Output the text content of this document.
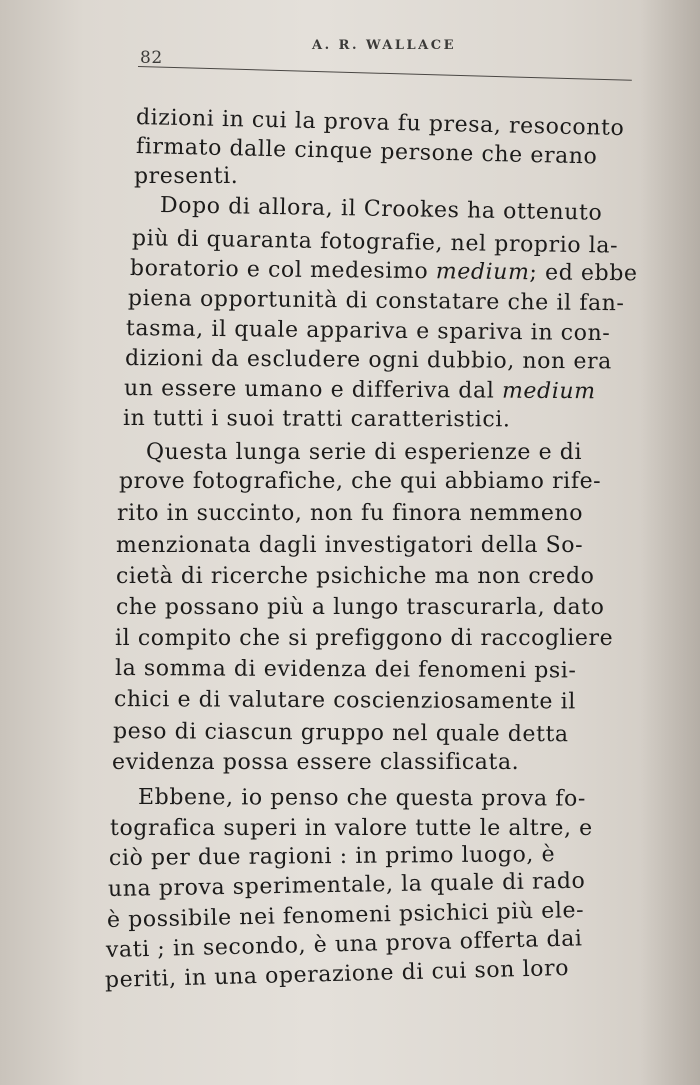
82
A. R. WALLACE
dizioni in cui la prova fu presa, resoconto
firmato dalle cinque persone che erano
presenti.
Dopo di allora, il Crookes ha ottenuto
più di quaranta fotografie, nel proprio la-
boratorio e col medesimo medium; ed ebbe
piena opportunità di constatare che il fan-
tasma, il quale appariva e spariva in con-
dizioni da escludere ogni dubbio, non era
un essere umano e differiva dal medium
in tutti i suoi tratti caratteristici.
Questa lunga serie di esperienze e di
prove fotografiche, che qui abbiamo rife-
rito in succinto, non fu finora nemmeno
menzionata dagli investigatori della So-
cietà di ricerche psichiche ma non credo
che possano più a lungo trascurarla, dato
il compito che si prefiggono di raccogliere
la somma di evidenza dei fenomeni psi-
chici e di valutare coscienziosamente il
peso di ciascun gruppo nel quale detta
evidenza possa essere classificata.
Ebbene, io penso che questa prova fo-
tografica superi in valore tutte le altre, e
ciò per due ragioni : in primo luogo, è
una prova sperimentale, la quale di rado
è possibile nei fenomeni psichici più ele-
vati ; in secondo, è una prova offerta dai
periti, in una operazione di cui son loro
